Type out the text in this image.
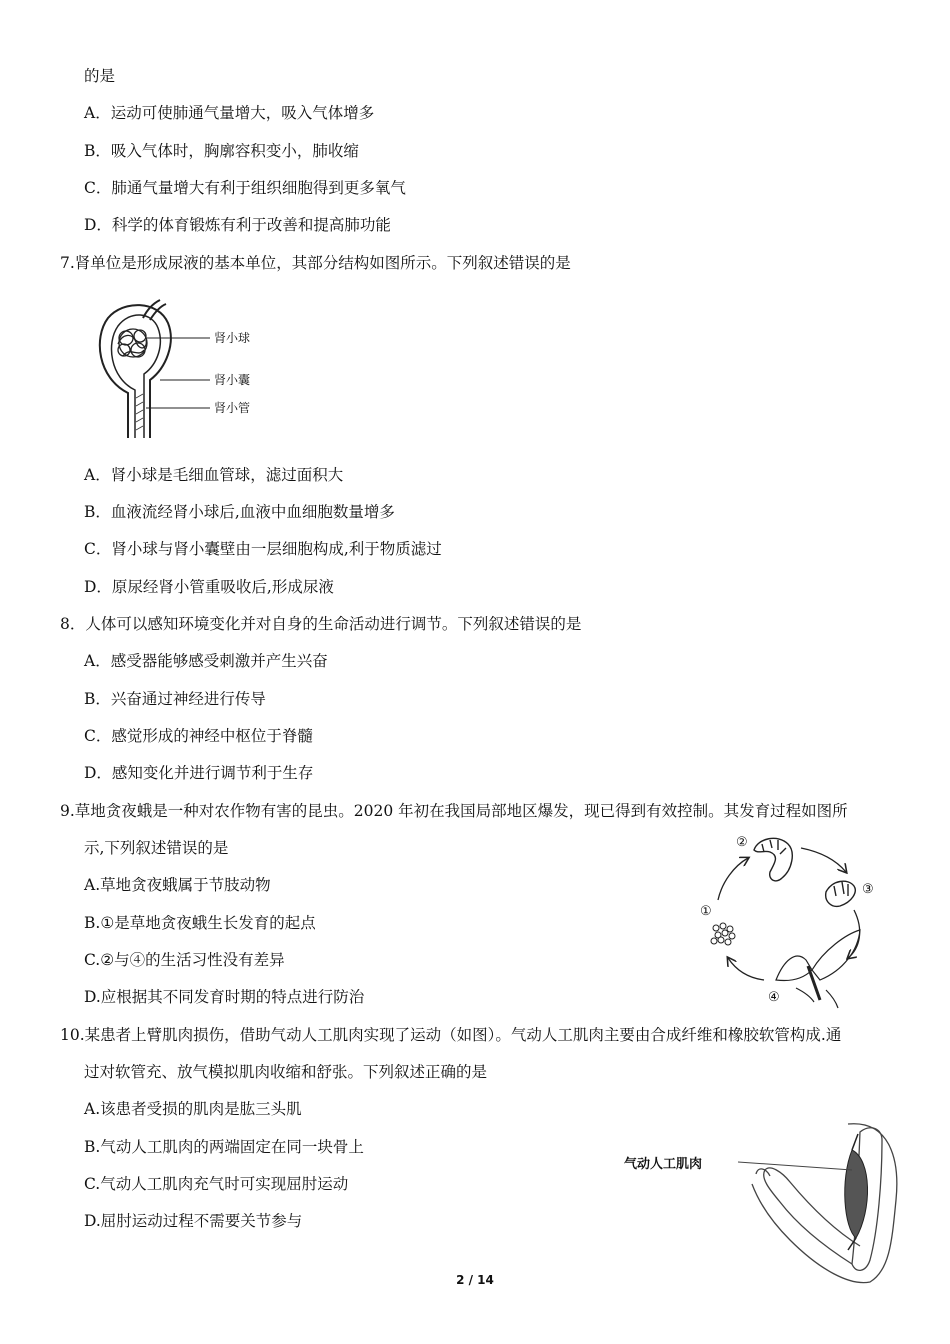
的是
A．运动可使肺通气量增大，吸入气体增多
B．吸入气体时，胸廓容积变小，肺收缩
C．肺通气量增大有利于组织细胞得到更多氧气
D．科学的体育锻炼有利于改善和提高肺功能
7.肾单位是形成尿液的基本单位，其部分结构如图所示。下列叙述错误的是
肾小球
肾小囊
肾小管
A．肾小球是毛细血管球，滤过面积大
B．血液流经肾小球后,血液中血细胞数量增多
C．肾小球与肾小囊壁由一层细胞构成,利于物质滤过
D．原尿经肾小管重吸收后,形成尿液
8．人体可以感知环境变化并对自身的生命活动进行调节。下列叙述错误的是
A．感受器能够感受刺激并产生兴奋
B．兴奋通过神经进行传导
C．感觉形成的神经中枢位于脊髓
D．感知变化并进行调节利于生存
9.草地贪夜蛾是一种对农作物有害的昆虫。2020 年初在我国局部地区爆发，现已得到有效控制。其发育过程如图所
示,下列叙述错误的是	②
③
①
④
A.草地贪夜蛾属于节肢动物
B.①是草地贪夜蛾生长发育的起点
C.②与④的生活习性没有差异
D.应根据其不同发育时期的特点进行防治
10.某患者上臂肌肉损伤，借助气动人工肌肉实现了运动（如图）。气动人工肌肉主要由合成纤维和橡胶软管构成.通
过对软管充、放气模拟肌肉收缩和舒张。下列叙述正确的是
气动人工肌肉
A.该患者受损的肌肉是肱三头肌
B.气动人工肌肉的两端固定在同一块骨上
C.气动人工肌肉充气时可实现屈肘运动
D.屈肘运动过程不需要关节参与
2 / 14
